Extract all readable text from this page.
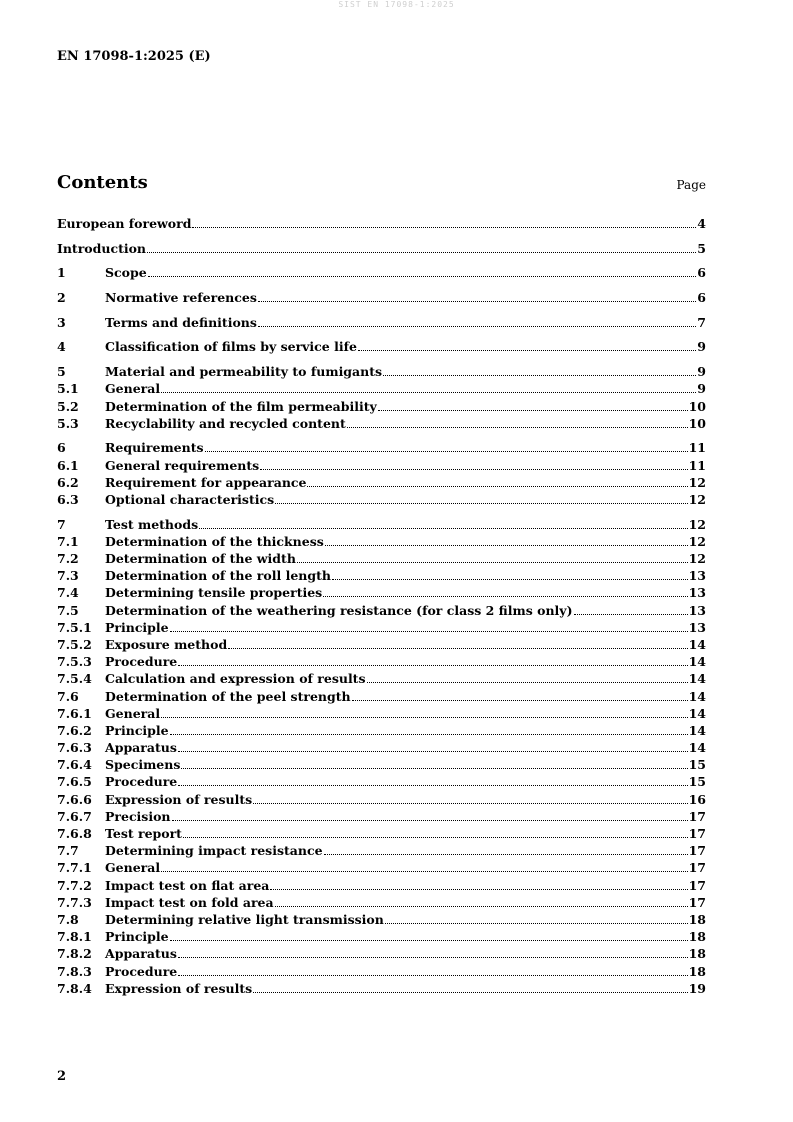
SIST EN 17098-1:2025
EN 17098-1:2025 (E)
Contents	Page
European foreword	4
Introduction	5
1	Scope	6
2	Normative references	6
3	Terms and definitions	7
4	Classification of films by service life	9
5	Material and permeability to fumigants	9
5.1	General	9
5.2	Determination of the film permeability	10
5.3	Recyclability and recycled content	10
6	Requirements	11
6.1	General requirements	11
6.2	Requirement for appearance	12
6.3	Optional characteristics	12
7	Test methods	12
7.1	Determination of the thickness	12
7.2	Determination of the width	12
7.3	Determination of the roll length	13
7.4	Determining tensile properties	13
7.5	Determination of the weathering resistance (for class 2 films only)	13
7.5.1	Principle	13
7.5.2	Exposure method	14
7.5.3	Procedure	14
7.5.4	Calculation and expression of results	14
7.6	Determination of the peel strength	14
7.6.1	General	14
7.6.2	Principle	14
7.6.3	Apparatus	14
7.6.4	Specimens	15
7.6.5	Procedure	15
7.6.6	Expression of results	16
7.6.7	Precision	17
7.6.8	Test report	17
7.7	Determining impact resistance	17
7.7.1	General	17
7.7.2	Impact test on flat area	17
7.7.3	Impact test on fold area	17
7.8	Determining relative light transmission	18
7.8.1	Principle	18
7.8.2	Apparatus	18
7.8.3	Procedure	18
7.8.4	Expression of results	19
2
